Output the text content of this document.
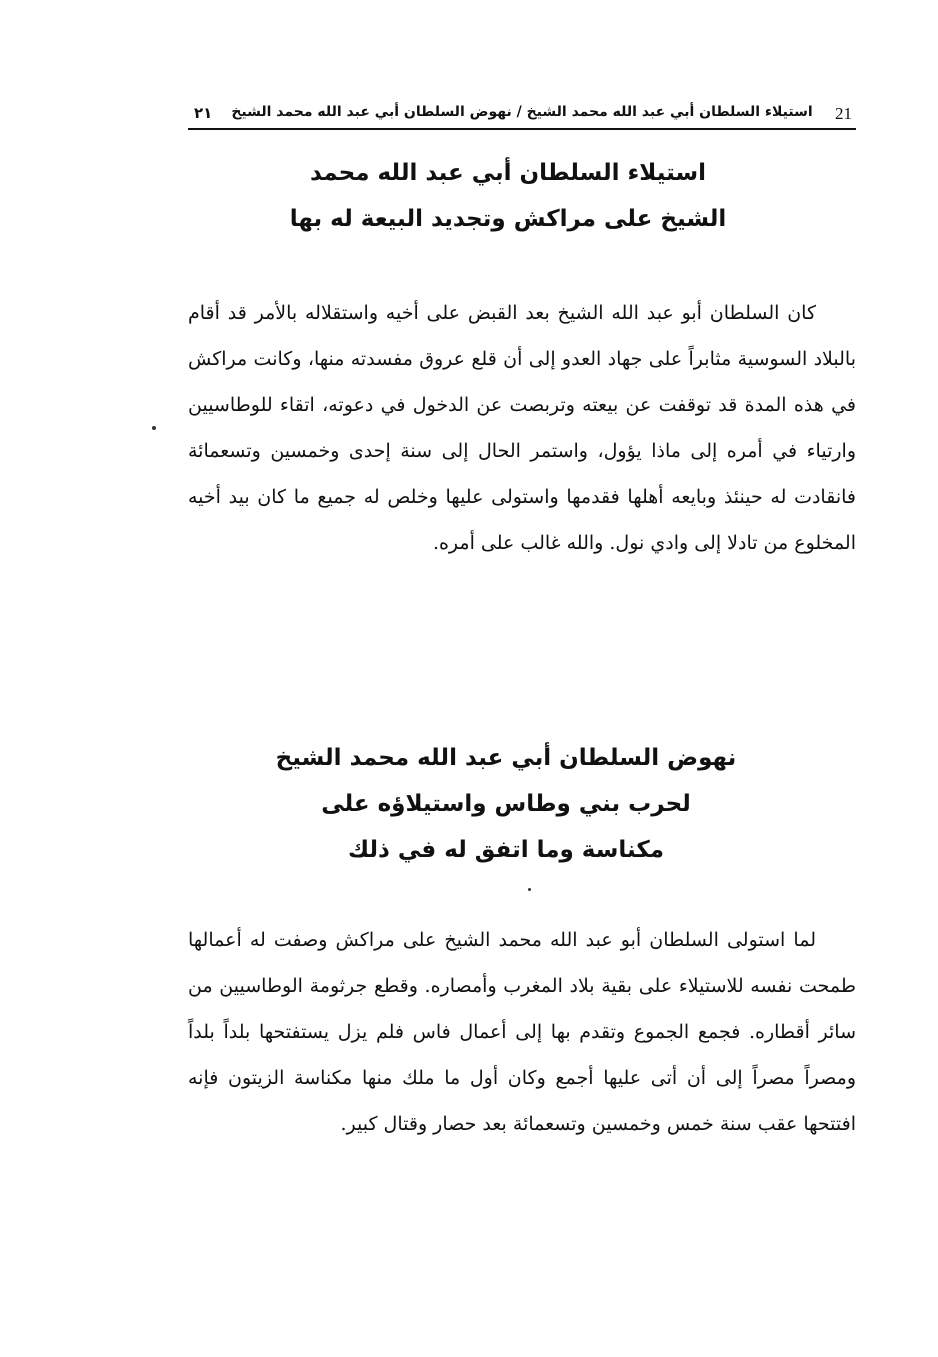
٢١ استيلاء السلطان أبي عبد الله محمد الشيخ / نهوض السلطان أبي عبد الله محمد الشيخ 21
استيلاء السلطان أبي عبد الله محمد
الشيخ على مراكش وتجديد البيعة له بها

كان السلطان أبو عبد الله الشيخ بعد القبض على أخيه واستقلاله بالأمر قد أقام بالبلاد السوسية مثابراً على جهاد العدو إلى أن قلع عروق مفسدته منها، وكانت مراكش في هذه المدة قد توقفت عن بيعته وتربصت عن الدخول في دعوته، اتقاء للوطاسيين وارتياء في أمره إلى ماذا يؤول، واستمر الحال إلى سنة إحدى وخمسين وتسعمائة فانقادت له حينئذ وبايعه أهلها فقدمها واستولى عليها وخلص له جميع ما كان بيد أخيه المخلوع من تادلا إلى وادي نول. والله غالب على أمره.

نهوض السلطان أبي عبد الله محمد الشيخ
لحرب بني وطاس واستيلاؤه على
مكناسة وما اتفق له في ذلك

لما استولى السلطان أبو عبد الله محمد الشيخ على مراكش وصفت له أعمالها طمحت نفسه للاستيلاء على بقية بلاد المغرب وأمصاره. وقطع جرثومة الوطاسيين من سائر أقطاره. فجمع الجموع وتقدم بها إلى أعمال فاس فلم يزل يستفتحها بلداً بلداً ومصراً مصراً إلى أن أتى عليها أجمع وكان أول ما ملك منها مكناسة الزيتون فإنه افتتحها عقب سنة خمس وخمسين وتسعمائة بعد حصار وقتال كبير.
